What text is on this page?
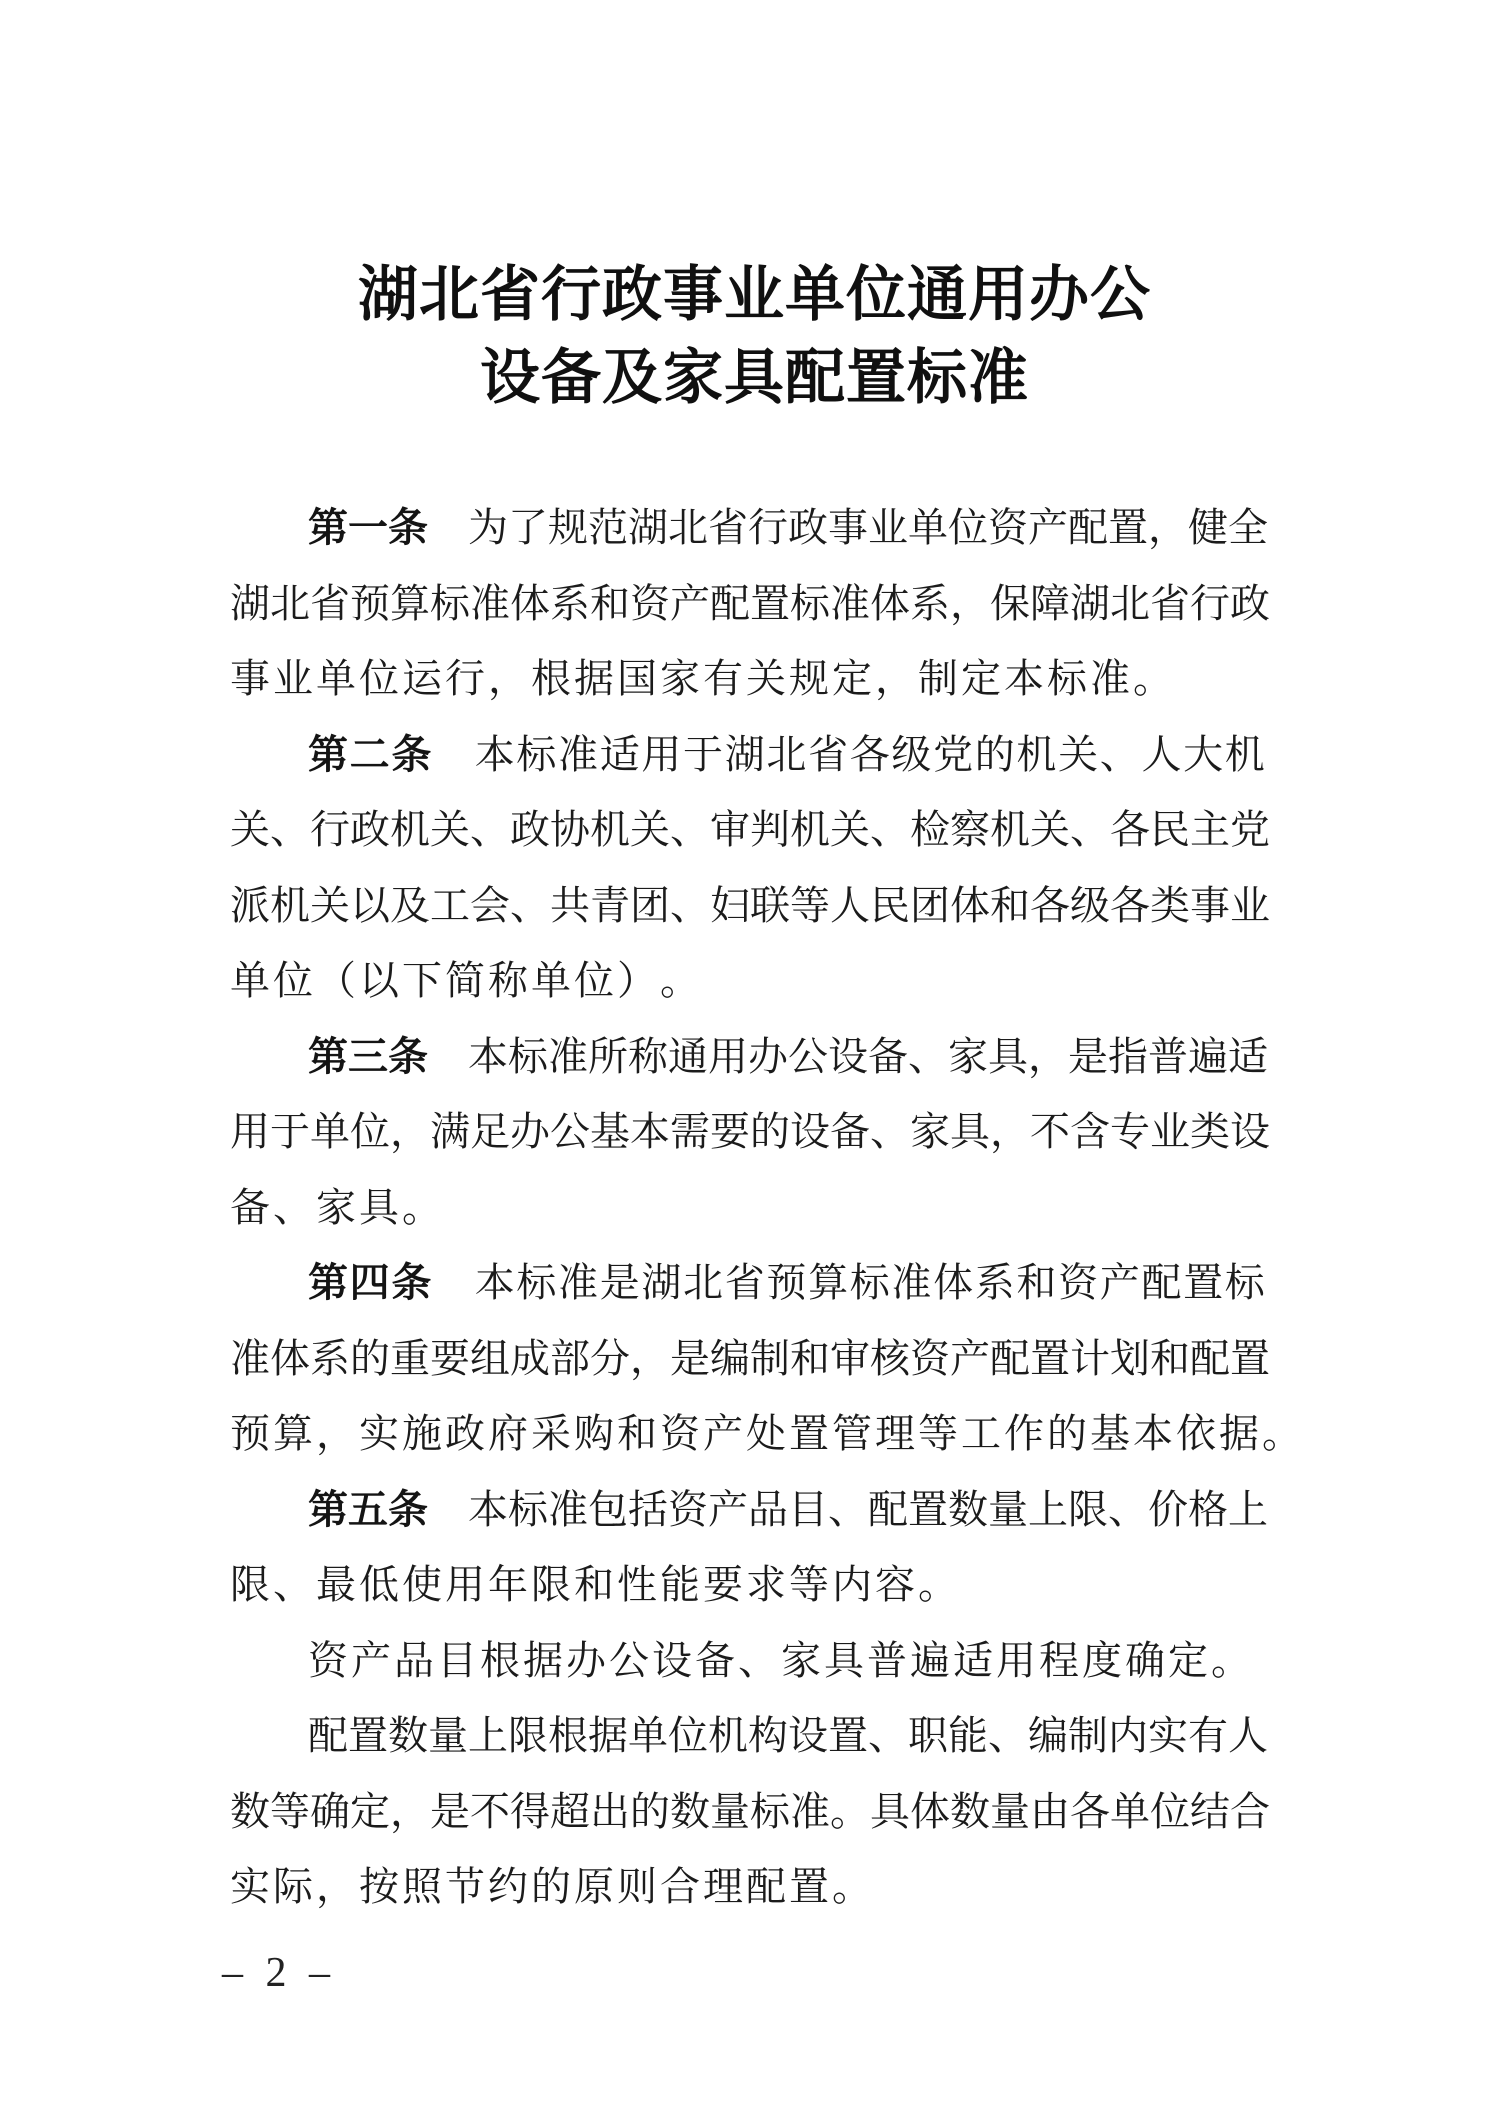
湖北省行政事业单位通用办公
设备及家具配置标准
第 一 条 为 了 规 范 湖 北 省 行 政 事 业 单 位 资 产 配 置 ， 健 全
湖 北 省 预 算 标 准 体 系 和 资 产 配 置 标 准 体 系 ， 保 障 湖 北 省 行 政
事 业 单 位 运 行 ， 根 据 国 家 有 关 规 定 ， 制 定 本 标 准 。
第 二 条 本 标 准 适 用 于 湖 北 省 各 级 党 的 机 关 、 人 大 机
关 、 行 政 机 关 、 政 协 机 关 、 审 判 机 关 、 检 察 机 关 、 各 民 主 党
派 机 关 以 及 工 会 、 共 青 团 、 妇 联 等 人 民 团 体 和 各 级 各 类 事 业
单 位 （ 以 下 简 称 单 位 ） 。
第 三 条 本 标 准 所 称 通 用 办 公 设 备 、 家 具 ， 是 指 普 遍 适
用 于 单 位 ， 满 足 办 公 基 本 需 要 的 设 备 、 家 具 ， 不 含 专 业 类 设
备 、 家 具 。
第 四 条 本 标 准 是 湖 北 省 预 算 标 准 体 系 和 资 产 配 置 标
准 体 系 的 重 要 组 成 部 分 ， 是 编 制 和 审 核 资 产 配 置 计 划 和 配 置
预 算 ， 实 施 政 府 采 购 和 资 产 处 置 管 理 等 工 作 的 基 本 依 据 。
第 五 条 本 标 准 包 括 资 产 品 目 、 配 置 数 量 上 限 、 价 格 上
限 、 最 低 使 用 年 限 和 性 能 要 求 等 内 容 。
资 产 品 目 根 据 办 公 设 备 、 家 具 普 遍 适 用 程 度 确 定 。
配 置 数 量 上 限 根 据 单 位 机 构 设 置 、 职 能 、 编 制 内 实 有 人
数 等 确 定 ， 是 不 得 超 出 的 数 量 标 准 。 具 体 数 量 由 各 单 位 结 合
实 际 ， 按 照 节 约 的 原 则 合 理 配 置 。
– 2 –
